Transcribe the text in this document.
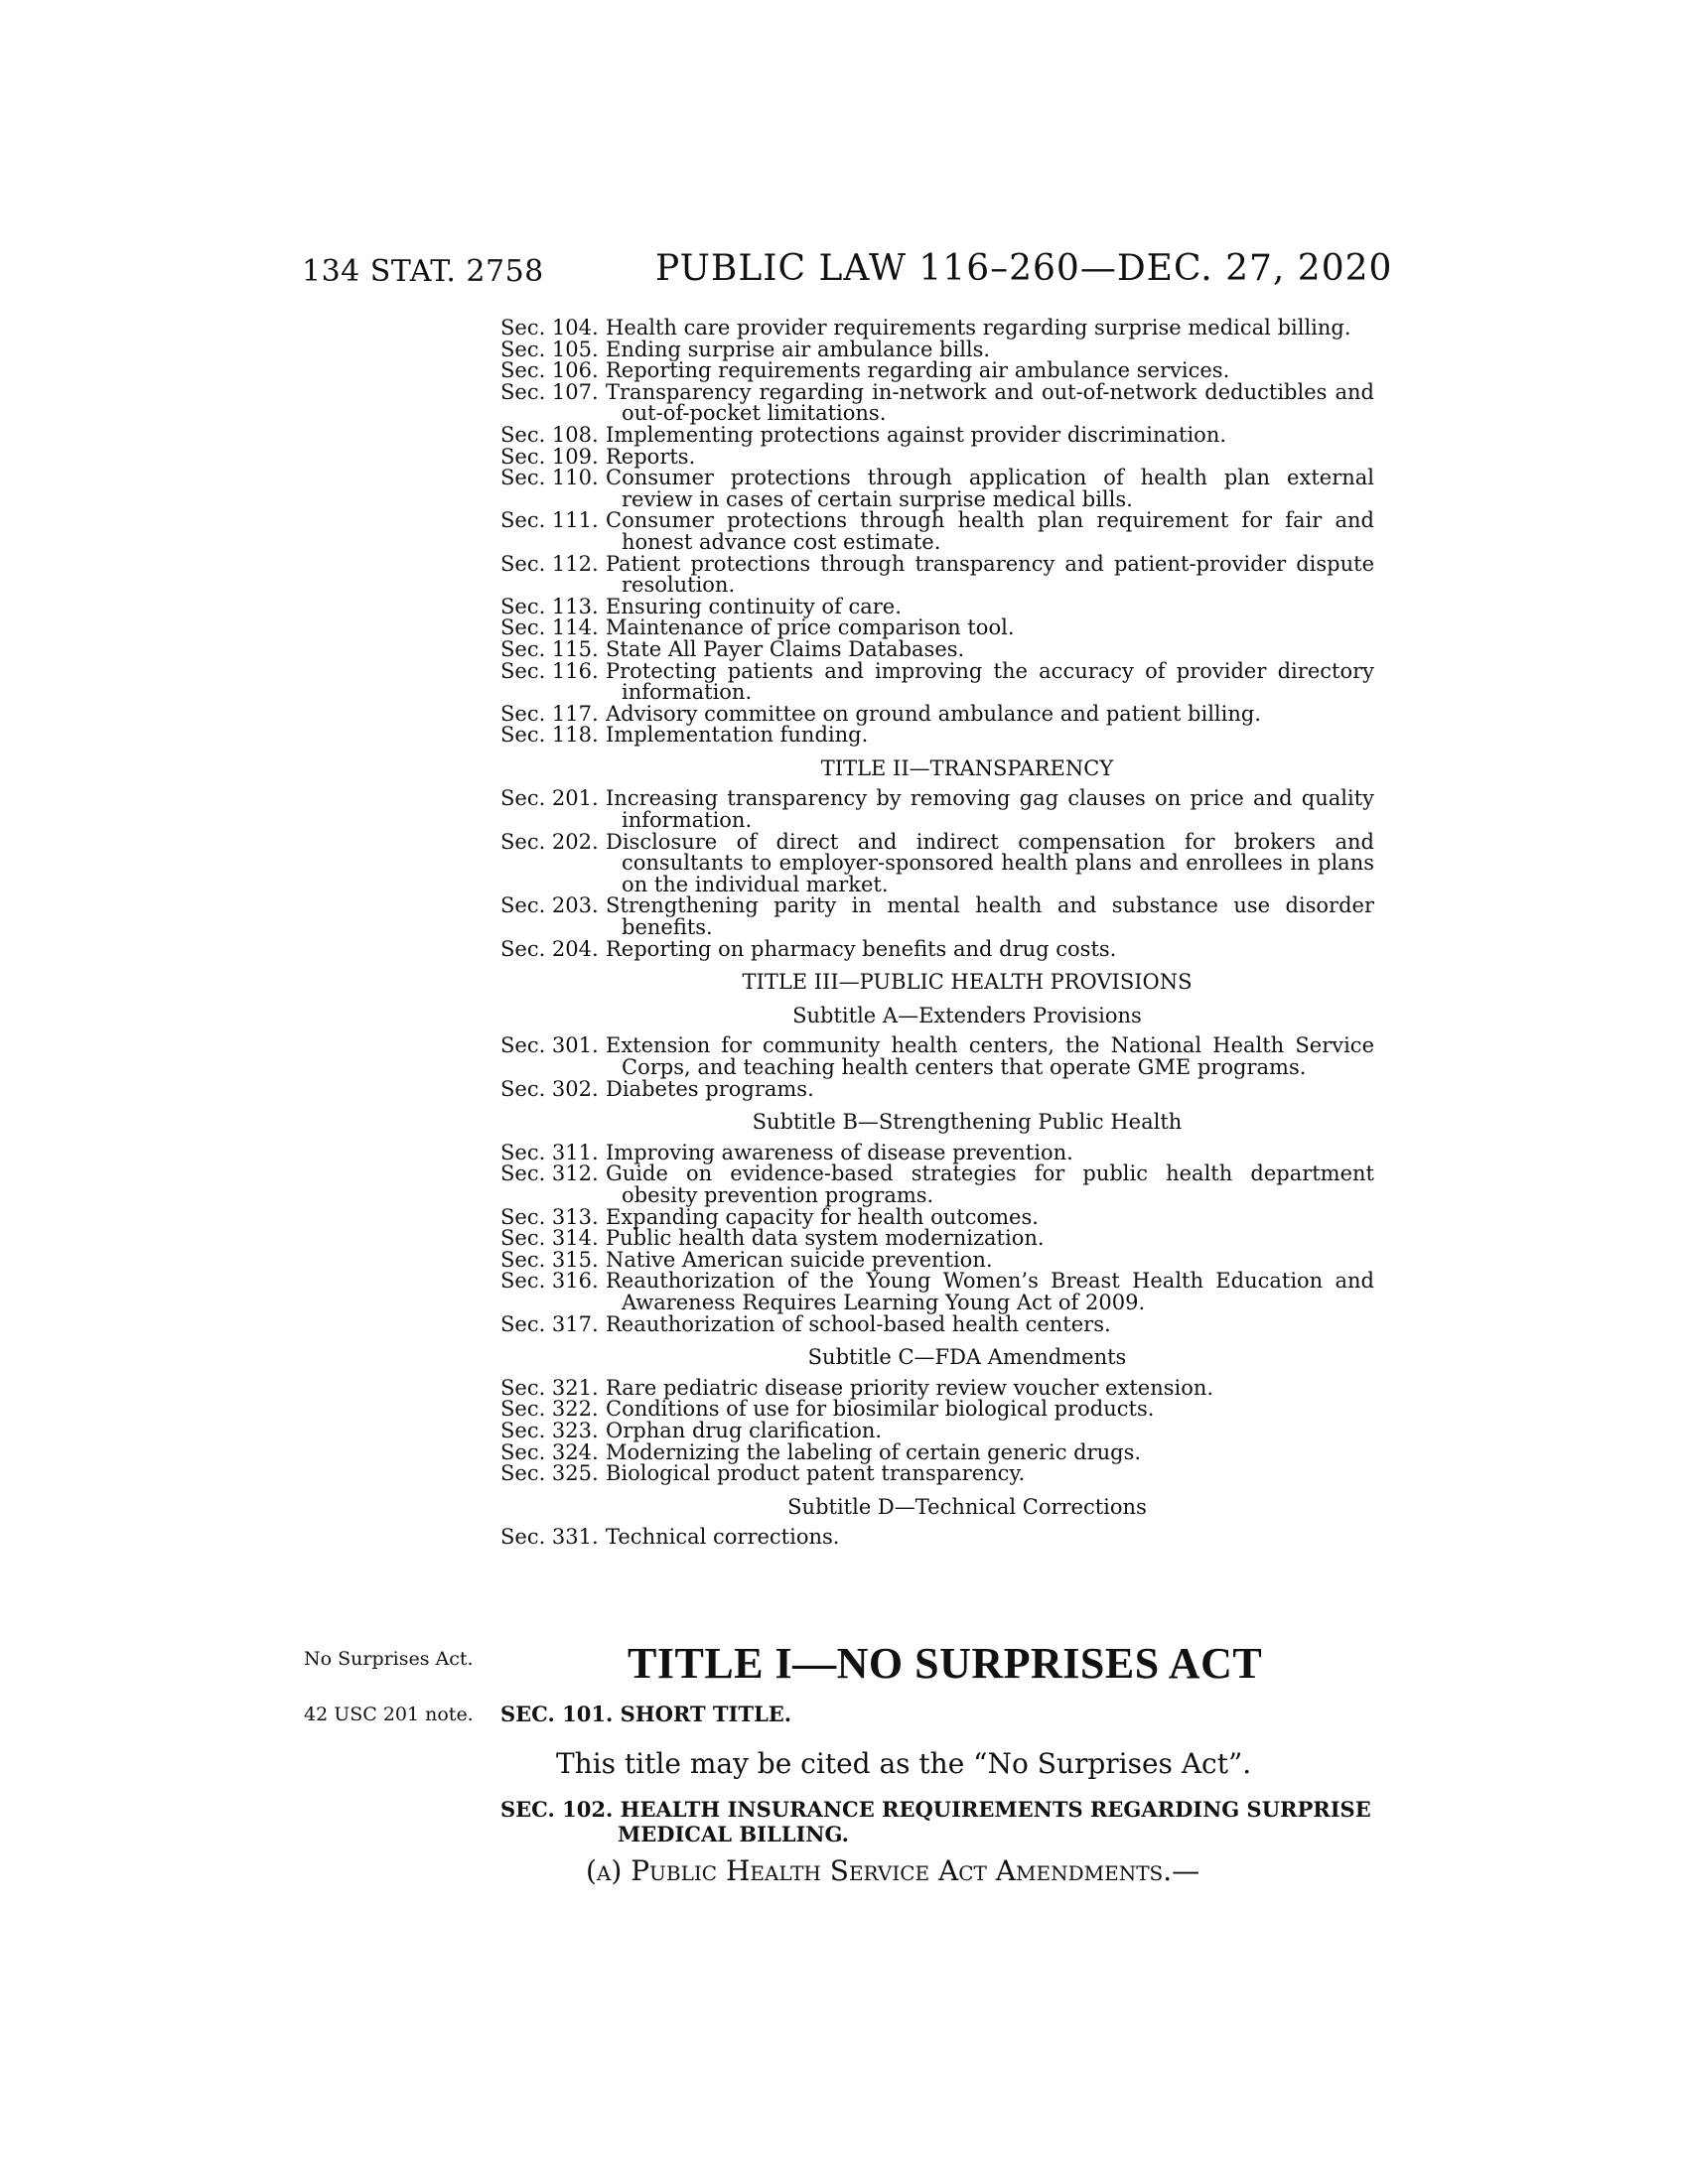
134 STAT. 2758	PUBLIC LAW 116–260—DEC. 27, 2020
Sec. 104. Health care provider requirements regarding surprise medical billing.
Sec. 105. Ending surprise air ambulance bills.
Sec. 106. Reporting requirements regarding air ambulance services.
Sec. 107. Transparency regarding in-network and out-of-network deductibles and out-of-pocket limitations.
Sec. 108. Implementing protections against provider discrimination.
Sec. 109. Reports.
Sec. 110. Consumer protections through application of health plan external review in cases of certain surprise medical bills.
Sec. 111. Consumer protections through health plan requirement for fair and honest advance cost estimate.
Sec. 112. Patient protections through transparency and patient-provider dispute resolution.
Sec. 113. Ensuring continuity of care.
Sec. 114. Maintenance of price comparison tool.
Sec. 115. State All Payer Claims Databases.
Sec. 116. Protecting patients and improving the accuracy of provider directory information.
Sec. 117. Advisory committee on ground ambulance and patient billing.
Sec. 118. Implementation funding.
TITLE II—TRANSPARENCY
Sec. 201. Increasing transparency by removing gag clauses on price and quality information.
Sec. 202. Disclosure of direct and indirect compensation for brokers and consultants to employer-sponsored health plans and enrollees in plans on the individual market.
Sec. 203. Strengthening parity in mental health and substance use disorder benefits.
Sec. 204. Reporting on pharmacy benefits and drug costs.
TITLE III—PUBLIC HEALTH PROVISIONS
Subtitle A—Extenders Provisions
Sec. 301. Extension for community health centers, the National Health Service Corps, and teaching health centers that operate GME programs.
Sec. 302. Diabetes programs.
Subtitle B—Strengthening Public Health
Sec. 311. Improving awareness of disease prevention.
Sec. 312. Guide on evidence-based strategies for public health department obesity prevention programs.
Sec. 313. Expanding capacity for health outcomes.
Sec. 314. Public health data system modernization.
Sec. 315. Native American suicide prevention.
Sec. 316. Reauthorization of the Young Women’s Breast Health Education and Awareness Requires Learning Young Act of 2009.
Sec. 317. Reauthorization of school-based health centers.
Subtitle C—FDA Amendments
Sec. 321. Rare pediatric disease priority review voucher extension.
Sec. 322. Conditions of use for biosimilar biological products.
Sec. 323. Orphan drug clarification.
Sec. 324. Modernizing the labeling of certain generic drugs.
Sec. 325. Biological product patent transparency.
Subtitle D—Technical Corrections
Sec. 331. Technical corrections.
No Surprises Act.	TITLE I—NO SURPRISES ACT
42 USC 201 note. SEC. 101. SHORT TITLE.
This title may be cited as the “No Surprises Act”.
SEC. 102. HEALTH INSURANCE REQUIREMENTS REGARDING SURPRISE
MEDICAL BILLING.
(a) Public Health Service Act Amendments.—
